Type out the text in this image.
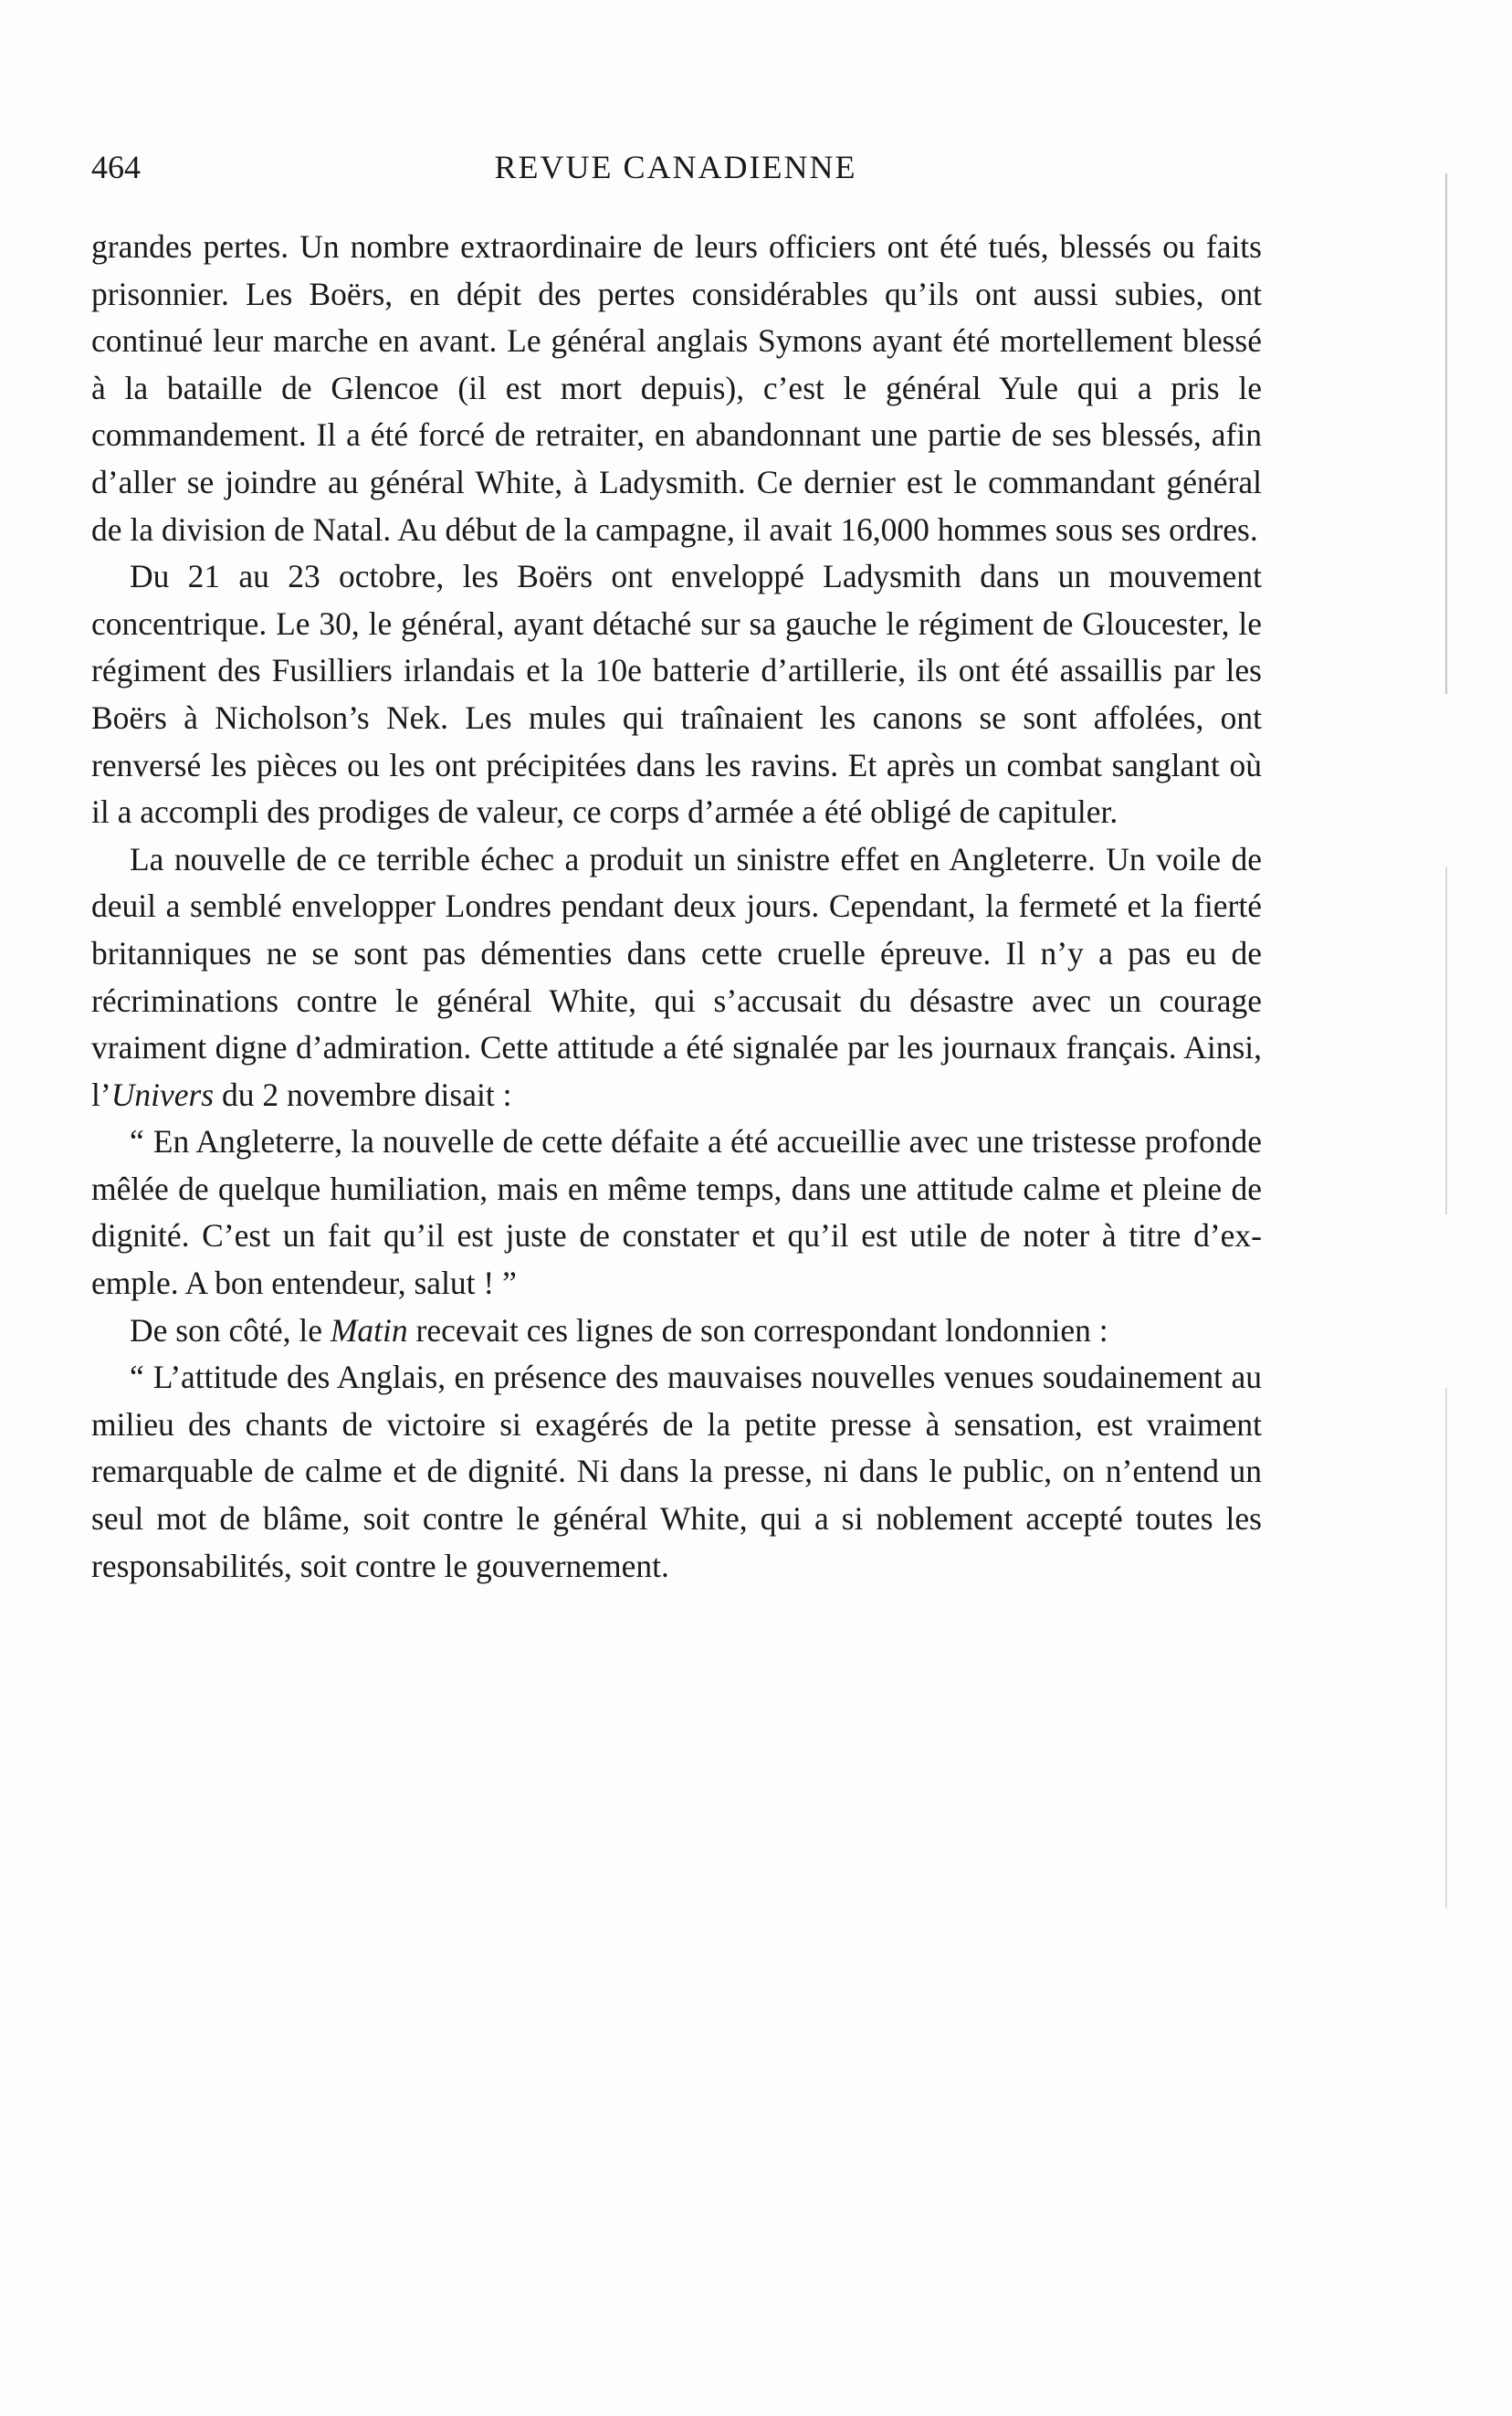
464	REVUE CANADIENNE

grandes pertes. Un nombre extraordinaire de leurs officiers ont été tués, blessés ou faits prisonnier. Les Boërs, en dépit des pertes considérables qu’ils ont aussi subies, ont continué leur marche en avant. Le général anglais Symons ayant été mortellement blessé à la bataille de Glencoe (il est mort depuis), c’est le général Yule qui a pris le commandement. Il a été forcé de retraiter, en abandonnant une partie de ses blessés, afin d’aller se joindre au général White, à Ladysmith. Ce dernier est le commandant général de la division de Natal. Au début de la campagne, il avait 16,000 hommes sous ses ordres.

Du 21 au 23 octobre, les Boërs ont enveloppé Ladysmith dans un mouvement concentrique. Le 30, le général, ayant détaché sur sa gauche le régiment de Gloucester, le régiment des Fusilliers irlandais et la 10e batterie d’artillerie, ils ont été assaillis par les Boërs à Nicholson’s Nek. Les mules qui traînaient les canons se sont affolées, ont renversé les pièces ou les ont précipitées dans les ravins. Et après un combat sanglant où il a accompli des prodiges de valeur, ce corps d’armée a été obligé de capituler.

La nouvelle de ce terrible échec a produit un sinistre effet en Angleterre. Un voile de deuil a semblé envelopper Londres pendant deux jours. Cependant, la fermeté et la fierté britanniques ne se sont pas démenties dans cette cruelle épreuve. Il n’y a pas eu de récriminations contre le général White, qui s’accusait du désastre avec un courage vraiment digne d’admiration. Cette attitude a été signalée par les journaux français. Ainsi, l’Univers du 2 novembre disait :

“ En Angleterre, la nouvelle de cette défaite a été accueillie avec une tristesse profonde mêlée de quelque humiliation, mais en même temps, dans une attitude calme et pleine de dignité. C’est un fait qu’il est juste de constater et qu’il est utile de noter à titre d’exemple. A bon entendeur, salut ! ”

De son côté, le Matin recevait ces lignes de son correspondant londonnien :

“ L’attitude des Anglais, en présence des mauvaises nouvelles venues soudainement au milieu des chants de victoire si exagérés de la petite presse à sensation, est vraiment remarquable de calme et de dignité. Ni dans la presse, ni dans le public, on n’entend un seul mot de blâme, soit contre le général White, qui a si noblement accepté toutes les responsabilités, soit contre le gouvernement.
